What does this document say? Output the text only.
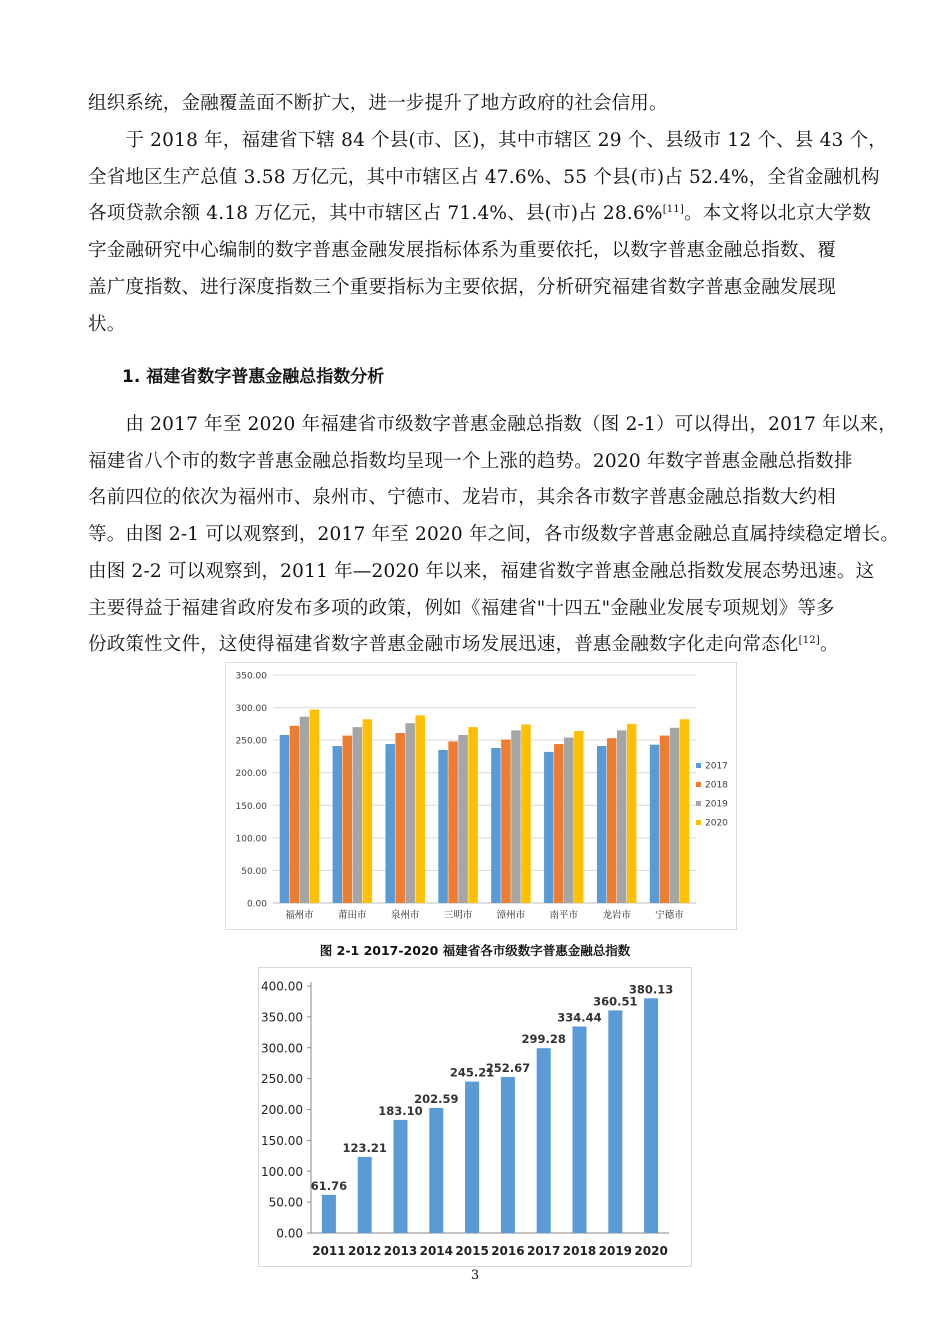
组织系统，金融覆盖面不断扩大，进一步提升了地方政府的社会信用。

　　于 2018 年，福建省下辖 84 个县(市、区)，其中市辖区 29 个、县级市 12 个、县 43 个，
全省地区生产总值 3.58 万亿元，其中市辖区占 47.6%、55 个县(市)占 52.4%，全省金融机构
各项贷款余额 4.18 万亿元，其中市辖区占 71.4%、县(市)占 28.6%[11]。本文将以北京大学数
字金融研究中心编制的数字普惠金融发展指标体系为重要依托，以数字普惠金融总指数、覆
盖广度指数、进行深度指数三个重要指标为主要依据，分析研究福建省数字普惠金融发展现
状。

1. 福建省数字普惠金融总指数分析

　　由 2017 年至 2020 年福建省市级数字普惠金融总指数（图 2-1）可以得出，2017 年以来，
福建省八个市的数字普惠金融总指数均呈现一个上涨的趋势。2020 年数字普惠金融总指数排
名前四位的依次为福州市、泉州市、宁德市、龙岩市，其余各市数字普惠金融总指数大约相
等。由图 2-1 可以观察到，2017 年至 2020 年之间，各市级数字普惠金融总直属持续稳定增长。
由图 2-2 可以观察到，2011 年—2020 年以来，福建省数字普惠金融总指数发展态势迅速。这
主要得益于福建省政府发布多项的政策，例如《福建省"十四五"金融业发展专项规划》等多
份政策性文件，这使得福建省数字普惠金融市场发展迅速，普惠金融数字化走向常态化[12]。

0.00
50.00
100.00
150.00
200.00
250.00
300.00
350.00
福州市	莆田市	泉州市	三明市	漳州市	南平市	龙岩市	宁德市
2017
2018
2019
2020

图 2-1 2017-2020 福建省各市级数字普惠金融总指数

0.00
50.00
100.00
150.00
200.00
250.00
300.00
350.00
400.00
61.76
2011
123.21
2012
183.10
2013
202.59
2014
245.21
2015
252.67
2016
299.28
2017
334.44
2018
360.51
2019
380.13
2020
3
